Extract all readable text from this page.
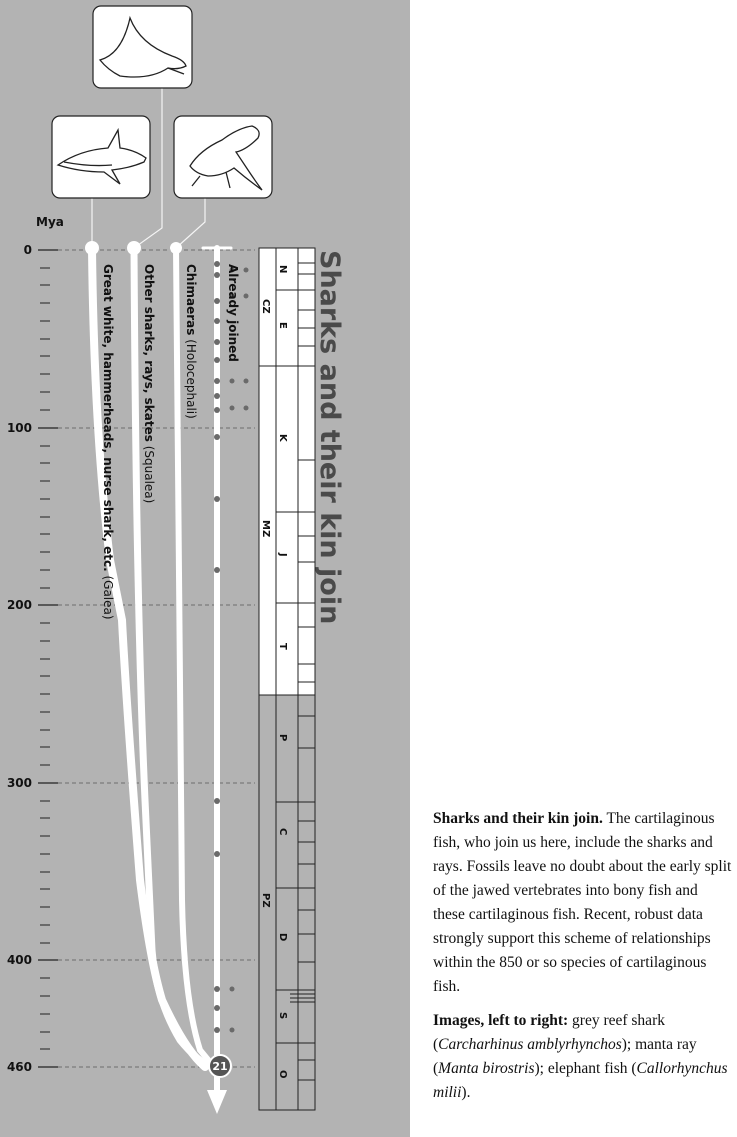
Mya
0
100
200
300
400
460	21
Great white, hammerheads, nurse shark, etc. (Galea)
Other sharks, rays, skates (Squalea)
Chimaeras (Holocephali)
Already joined CZ
MZ
PZ
N
E
K
J
T
P
C
D
S
O
Sharks and their kin join

Sharks and their kin join. The cartilaginous fish, who join us here, include the sharks and rays. Fossils leave no doubt about the early split of the jawed vertebrates into bony fish and these cartilaginous fish. Recent, robust data strongly support this scheme of relationships within the 850 or so species of cartilaginous fish.

Images, left to right: grey reef shark (Carcharhinus amblyrhynchos); manta ray (Manta birostris); elephant fish (Callorhynchus milii).
